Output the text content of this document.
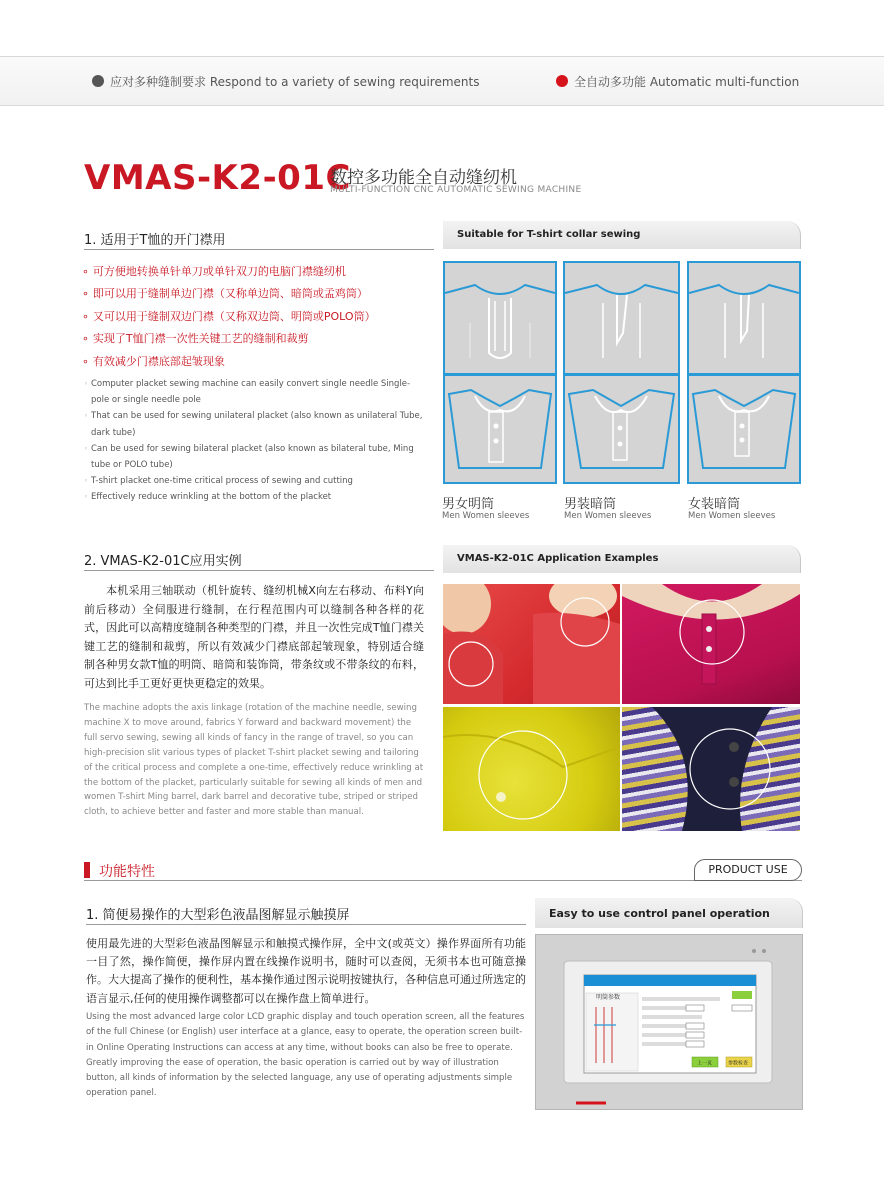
应对多种缝制要求 Respond to a variety of sewing requirements	全自动多功能 Automatic multi-function
VMAS-K2-01C
数控多功能全自动缝纫机
MULTI-FUNCTION CNC AUTOMATIC SEWING MACHINE
1. 适用于T恤的开门襟用	Suitable for T-shirt collar sewing
∘ 可方便地转换单针单刀或单针双刀的电脑门襟缝纫机
∘ 即可以用于缝制单边门襟（又称单边筒、暗筒或孟鸡筒）
∘ 又可以用于缝制双边门襟（又称双边筒、明筒或POLO筒）
∘ 实现了T恤门襟一次性关键工艺的缝制和裁剪
∘ 有效减少门襟底部起皱现象
◦ Computer placket sewing machine can easily convert single needle Single-pole or single needle pole
◦ That can be used for sewing unilateral placket (also known as unilateral Tube, dark tube)
◦ Can be used for sewing bilateral placket (also known as bilateral tube, Ming tube or POLO tube)
◦ T-shirt placket one-time critical process of sewing and cutting
◦ Effectively reduce wrinkling at the bottom of the placket	男女明筒
Men Women sleeves
男装暗筒
Men Women sleeves
女装暗筒
Men Women sleeves
2. VMAS-K2-01C应用实例	VMAS-K2-01C Application Examples
本机采用三轴联动（机针旋转、缝纫机械X向左右移动、布料Y向前后移动）全伺服进行缝制，在行程范围内可以缝制各种各样的花式，因此可以高精度缝制各种类型的门襟，并且一次性完成T恤门襟关键工艺的缝制和裁剪，所以有效减少门襟底部起皱现象，特别适合缝制各种男女款T恤的明筒、暗筒和装饰筒，带条纹或不带条纹的布料，可达到比手工更好更快更稳定的效果。
The machine adopts the axis linkage (rotation of the machine needle, sewing machine X to move around, fabrics Y forward and backward movement) the full servo sewing, sewing all kinds of fancy in the range of travel, so you can high-precision slit various types of placket T-shirt placket sewing and tailoring of the critical process and complete a one-time, effectively reduce wrinkling at the bottom of the placket, particularly suitable for sewing all kinds of men and women T-shirt Ming barrel, dark barrel and decorative tube, striped or striped cloth, to achieve better and faster and more stable than manual.
功能特性	PRODUCT USE
1. 简便易操作的大型彩色液晶图解显示触摸屏	Easy to use control panel operation
使用最先进的大型彩色液晶图解显示和触摸式操作屏，全中文(或英文）操作界面所有功能一目了然，操作简便，操作屏内置在线操作说明书，随时可以查阅，无须书本也可随意操作。大大提高了操作的便利性，基本操作通过图示说明按键执行，各种信息可通过所选定的语言显示,任何的使用操作调整都可以在操作盘上简单进行。
Using the most advanced large color LCD graphic display and touch operation screen, all the features of the full Chinese (or English) user interface at a glance, easy to operate, the operation screen built-in Online Operating Instructions can access at any time, without books can also be free to operate. Greatly improving the ease of operation, the basic operation is carried out by way of illustration button, all kinds of information by the selected language, any use of operating adjustments simple operation panel.
明筒参数
上一页	参数检查
